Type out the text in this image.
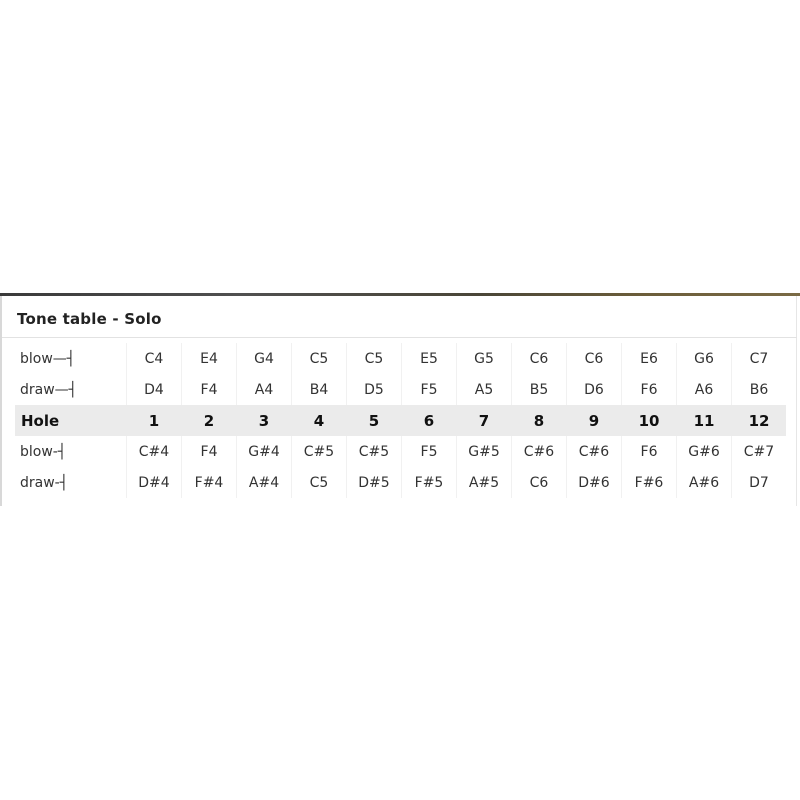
Tone table - Solo
blow—┤	C4	E4	G4	C5	C5	E5	G5	C6	C6	E6	G6	C7
draw—┤	D4	F4	A4	B4	D5	F5	A5	B5	D6	F6	A6	B6
Hole	1	2	3	4	5	6	7	8	9	10	11	12
blow-┤	C#4	F4	G#4	C#5	C#5	F5	G#5	C#6	C#6	F6	G#6	C#7
draw-┤	D#4	F#4	A#4	C5	D#5	F#5	A#5	C6	D#6	F#6	A#6	D7
